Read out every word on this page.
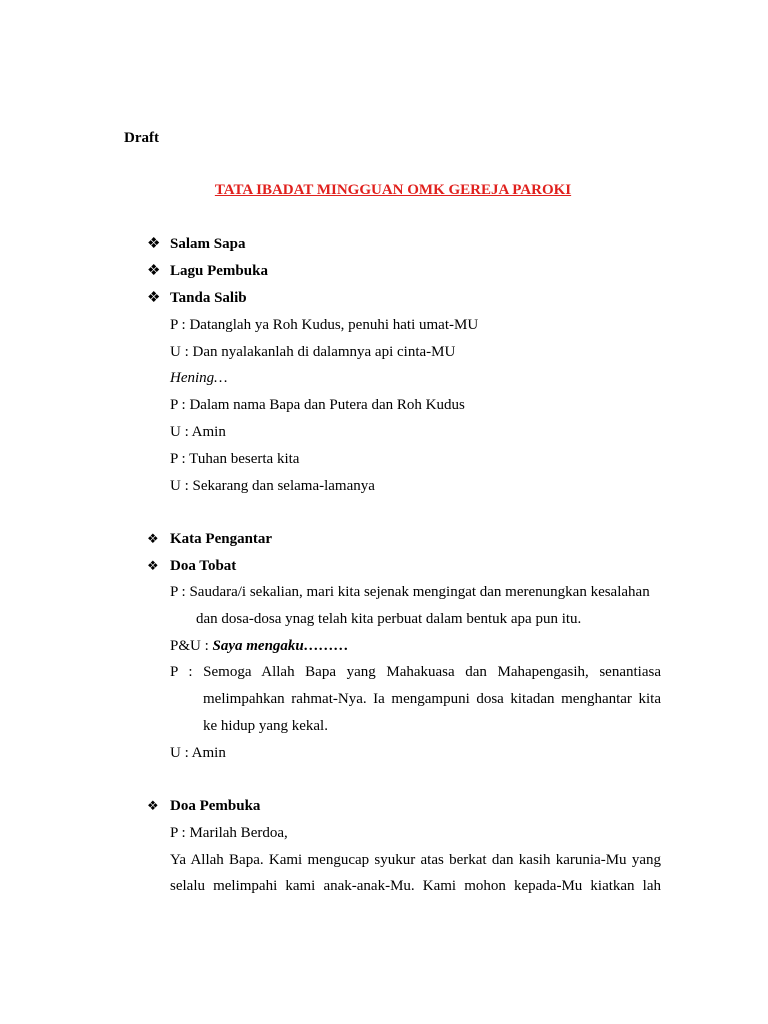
Draft
TATA IBADAT MINGGUAN OMK GEREJA PAROKI
❖ Salam Sapa
❖ Lagu Pembuka
❖ Tanda Salib
P : Datanglah ya Roh Kudus, penuhi hati umat-MU
U : Dan nyalakanlah di dalamnya api cinta-MU
Hening…
P : Dalam nama Bapa dan Putera dan Roh Kudus
U : Amin
P : Tuhan beserta kita
U : Sekarang dan selama-lamanya
❖ Kata Pengantar
❖ Doa Tobat
P : Saudara/i sekalian, mari kita sejenak mengingat dan merenungkan kesalahan
dan dosa-dosa ynag telah kita perbuat dalam bentuk apa pun itu.
P&U : Saya mengaku………
P : Semoga Allah Bapa yang Mahakuasa dan Mahapengasih, senantiasa
melimpahkan rahmat-Nya. Ia mengampuni dosa kitadan menghantar kita
ke hidup yang kekal.
U : Amin
❖ Doa Pembuka
P : Marilah Berdoa,
Ya Allah Bapa. Kami mengucap syukur atas berkat dan kasih karunia-Mu yang
selalu melimpahi kami anak-anak-Mu. Kami mohon kepada-Mu kiatkan lah
